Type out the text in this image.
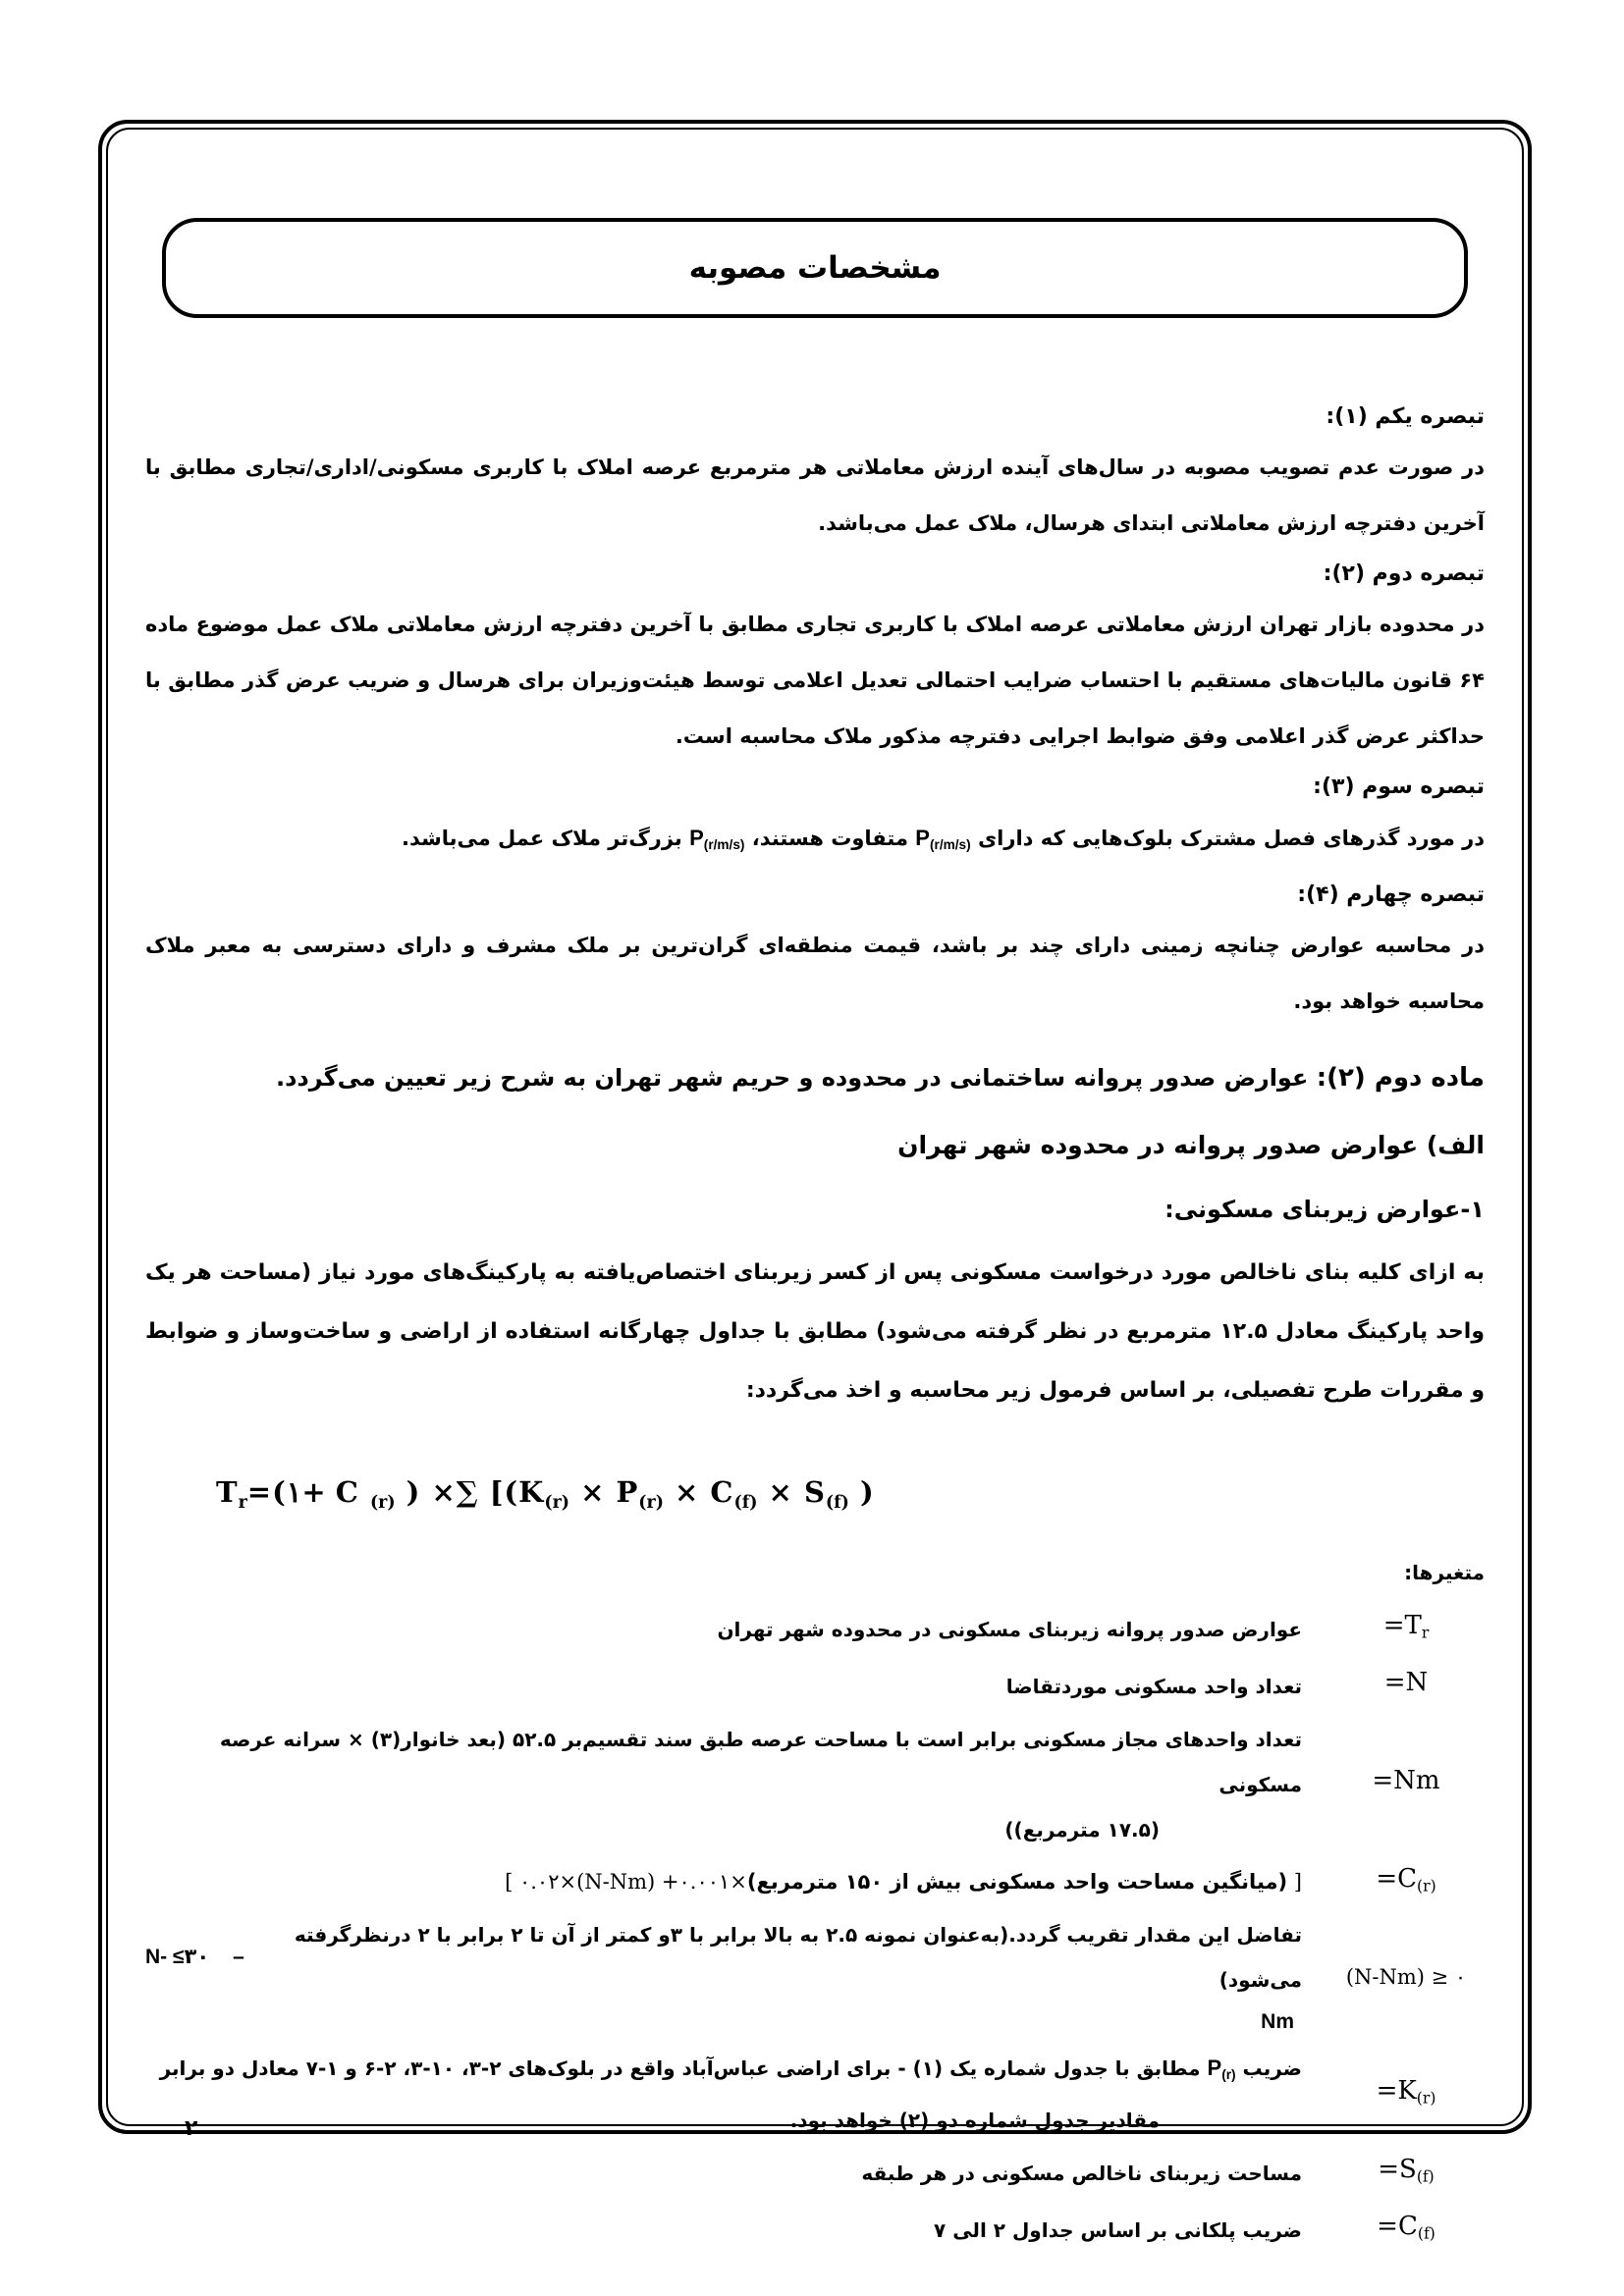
مشخصات مصوبه
تبصره یکم (۱):

در صورت عدم تصویب مصوبه در سال‌های آینده ارزش معاملاتی هر مترمربع عرصه املاک با کاربری مسکونی/اداری/تجاری مطابق با آخرین دفترچه ارزش معاملاتی ابتدای هرسال، ملاک عمل می‌باشد.

تبصره دوم (۲):

در محدوده بازار تهران ارزش معاملاتی عرصه املاک با کاربری تجاری مطابق با آخرین دفترچه ارزش معاملاتی ملاک عمل موضوع ماده ۶۴ قانون مالیات‌های مستقیم با احتساب ضرایب احتمالی تعدیل اعلامی توسط هیئت‌وزیران برای هرسال و ضریب عرض گذر مطابق با حداکثر عرض گذر اعلامی وفق ضوابط اجرایی دفترچه مذکور ملاک محاسبه است.

تبصره سوم (۳):

در مورد گذرهای فصل مشترک بلوک‌هایی که دارای $P_{(r/m/s)}$ متفاوت هستند، $P_{(r/m/s)}$ بزرگ‌تر ملاک عمل می‌باشد.

تبصره چهارم (۴):

در محاسبه عوارض چنانچه زمینی دارای چند بر باشد، قیمت منطقه‌ای گران‌ترین بر ملک مشرف و دارای دسترسی به معبر ملاک محاسبه خواهد بود.

ماده دوم (۲): عوارض صدور پروانه ساختمانی در محدوده و حریم شهر تهران به شرح زیر تعیین می‌گردد.

الف) عوارض صدور پروانه در محدوده شهر تهران

۱-عوارض زیربنای مسکونی:

به ازای کلیه بنای ناخالص مورد درخواست مسکونی پس از کسر زیربنای اختصاص‌یافته به پارکینگ‌های مورد نیاز (مساحت هر یک واحد پارکینگ معادل ۱۲.۵ مترمربع در نظر گرفته می‌شود) مطابق با جداول چهارگانه استفاده از اراضی و ساخت‌وساز و ضوابط و مقررات طرح تفصیلی، بر اساس فرمول زیر محاسبه و اخذ می‌گردد:

$T_r=(۱+ C$ $_{(r)}$ ) ×∑ [($K_{(r)} \times P_{(r)} \times C_{(f)} \times S_{(f)}$ )

متغیرها:

$=T_r$
عوارض صدور پروانه زیربنای مسکونی در محدوده شهر تهران
=N
تعداد واحد مسکونی موردتقاضا
=Nm
تعداد واحدهای مجاز مسکونی برابر است با مساحت عرصه طبق سند تقسیم‌بر ۵۲.۵ (بعد خانوار(۳) × سرانه عرصه مسکونی
(۱۷.۵ مترمربع))
$=C_{(r)}$
[ ۰.۰۲×(N-Nm) +۰.۰۰۱×(میانگین مساحت واحد مسکونی بیش از ۱۵۰ مترمربع) ]
(N-Nm) ≥ ۰
N- ≤۳۰ –
تفاضل این مقدار تقریب گردد.(به‌عنوان نمونه ۲.۵ به بالا برابر با ۳و کمتر از آن تا ۲ برابر با ۲ درنظرگرفته می‌شود)
Nm
$=K_{(r)}$
ضریب $P_{(r)}$ مطابق با جدول شماره یک (۱) - برای اراضی عباس‌آباد واقع در بلوک‌های ۲-۳، ۱۰-۳، ۲-۶ و ۱-۷ معادل دو برابر
مقادیر جدول شماره دو (۲) خواهد بود.
$=S_{(f)}$
مساحت زیربنای ناخالص مسکونی در هر طبقه
$=C_{(f)}$
ضریب پلکانی بر اساس جداول ۲ الی ۷
۲
